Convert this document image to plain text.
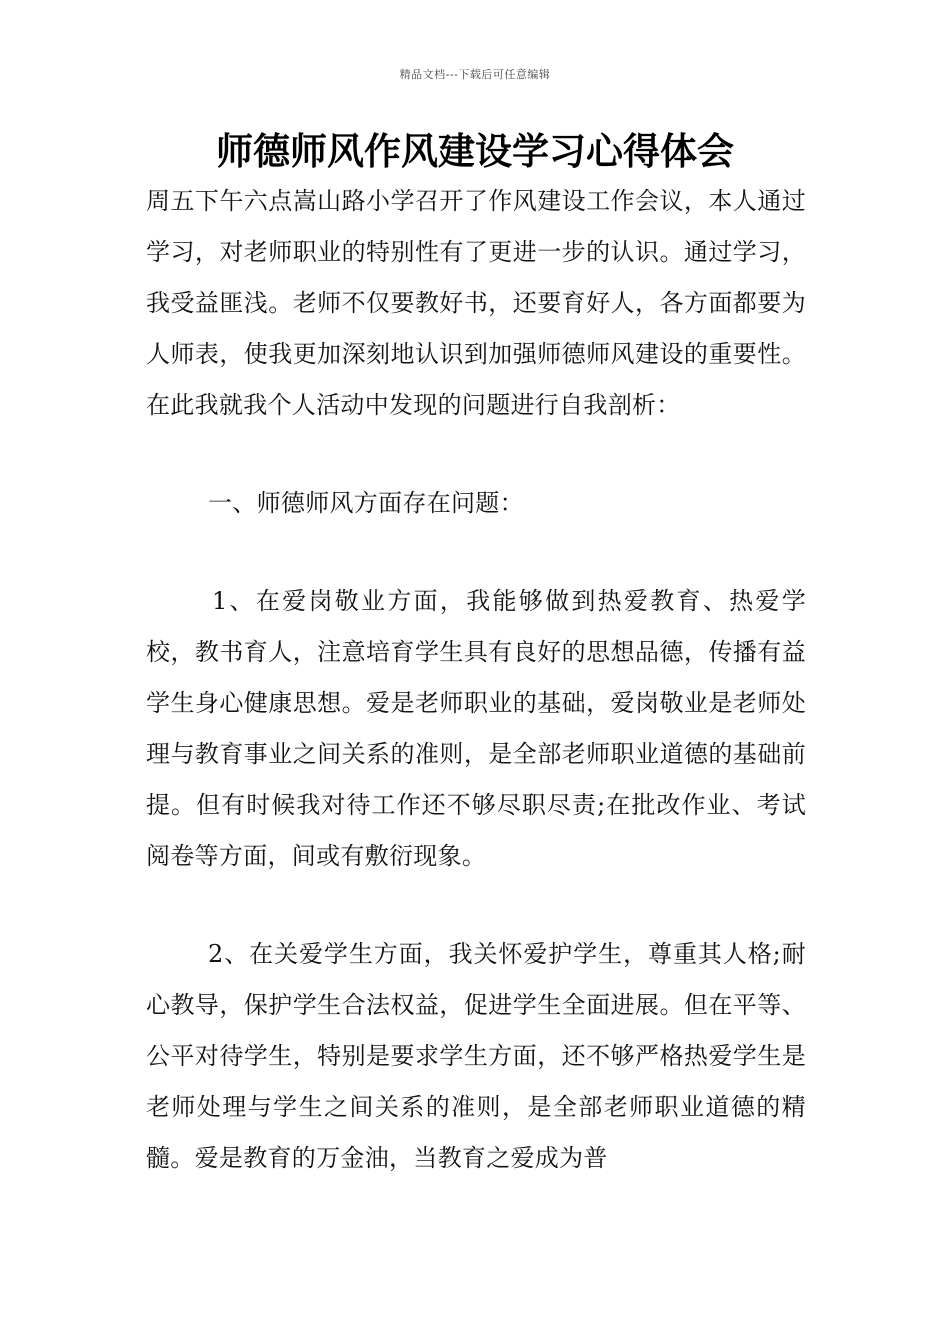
精品文档---下载后可任意编辑
师德师风作风建设学习心得体会

周五下午六点嵩山路小学召开了作风建设工作会议，本人通过学习，对老师职业的特别性有了更进一步的认识。通过学习，我受益匪浅。老师不仅要教好书，还要育好人，各方面都要为人师表，使我更加深刻地认识到加强师德师风建设的重要性。在此我就我个人活动中发现的问题进行自我剖析：

一、师德师风方面存在问题：

1、在爱岗敬业方面，我能够做到热爱教育、热爱学校，教书育人，注意培育学生具有良好的思想品德，传播有益学生身心健康思想。爱是老师职业的基础，爱岗敬业是老师处理与教育事业之间关系的准则，是全部老师职业道德的基础前提。但有时候我对待工作还不够尽职尽责;在批改作业、考试阅卷等方面，间或有敷衍现象。

2、在关爱学生方面，我关怀爱护学生，尊重其人格;耐心教导，保护学生合法权益，促进学生全面进展。但在平等、公平对待学生，特别是要求学生方面，还不够严格热爱学生是老师处理与学生之间关系的准则，是全部老师职业道德的精髓。爱是教育的万金油，当教育之爱成为普
